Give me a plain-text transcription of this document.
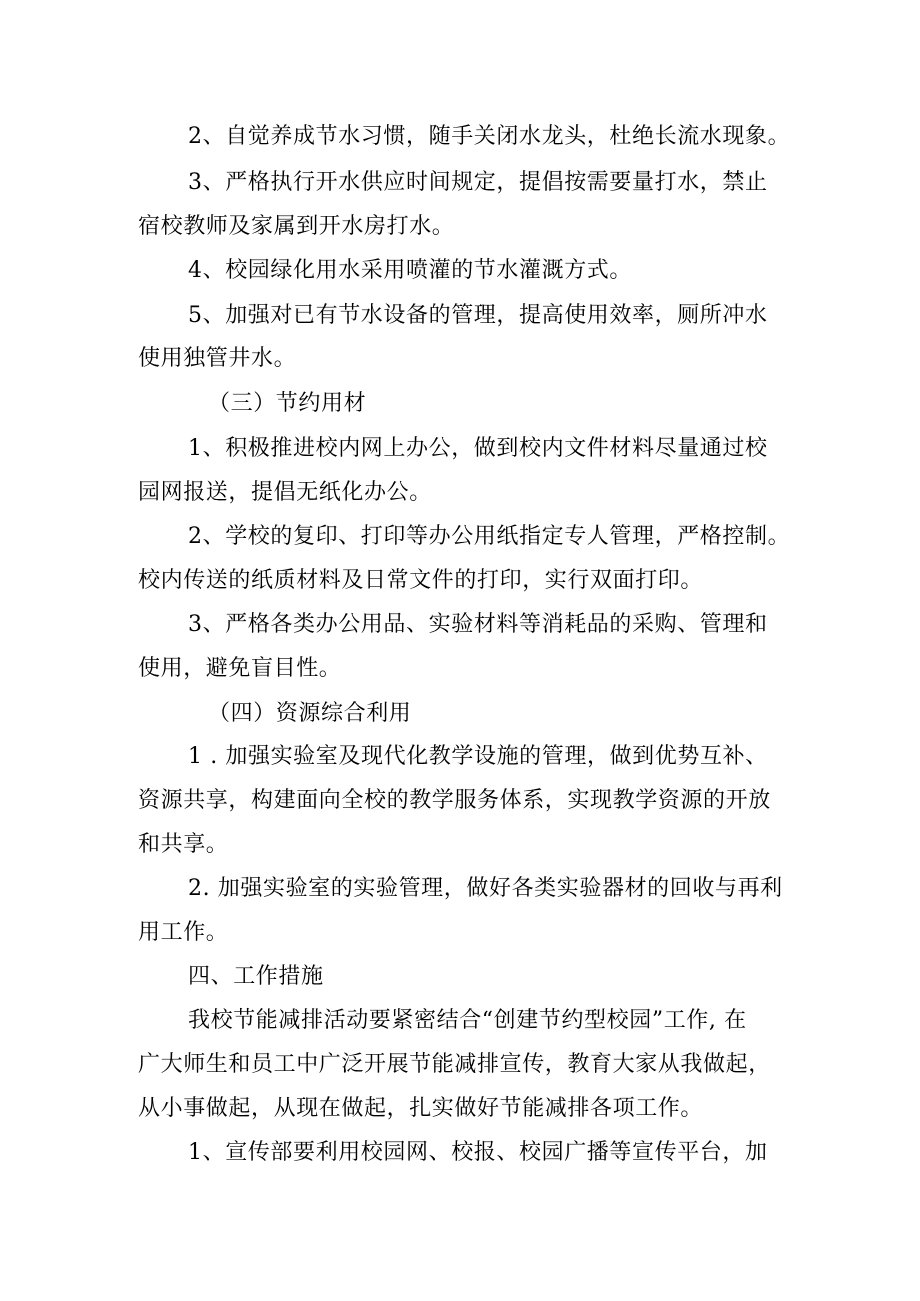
2、自觉养成节水习惯，随手关闭水龙头，杜绝长流水现象。
3、严格执行开水供应时间规定，提倡按需要量打水，禁止
宿校教师及家属到开水房打水。
4、校园绿化用水采用喷灌的节水灌溉方式。
5、加强对已有节水设备的管理，提高使用效率，厕所冲水
使用独管井水。
（三）节约用材
1、积极推进校内网上办公，做到校内文件材料尽量通过校
园网报送，提倡无纸化办公。
2、学校的复印、打印等办公用纸指定专人管理，严格控制。
校内传送的纸质材料及日常文件的打印，实行双面打印。
3、严格各类办公用品、实验材料等消耗品的采购、管理和
使用，避免盲目性。
（四）资源综合利用
1 . 加强实验室及现代化教学设施的管理，做到优势互补、
资源共享，构建面向全校的教学服务体系，实现教学资源的开放
和共享。
2. 加强实验室的实验管理，做好各类实验器材的回收与再利
用工作。
四、工作措施
我校节能减排活动要紧密结合“创建节约型校园”工作, 在
广大师生和员工中广泛开展节能减排宣传，教育大家从我做起，
从小事做起，从现在做起，扎实做好节能减排各项工作。
1、宣传部要利用校园网、校报、校园广播等宣传平台，加
